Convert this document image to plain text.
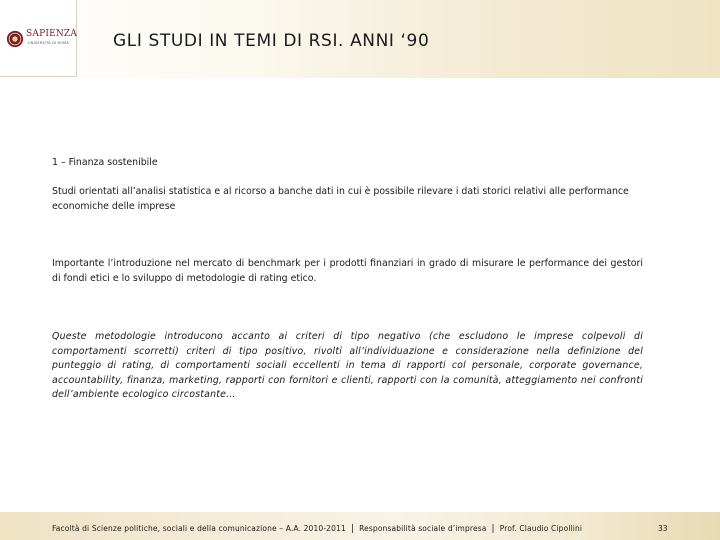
SAPIENZA
UNIVERSITÀ DI ROMA	GLI STUDI IN TEMI DI RSI. ANNI ‘90
1 – Finanza sostenibile
Studi orientati all’analisi statistica e al ricorso a banche dati in cui è possibile rilevare i dati storici relativi alle performance economiche delle imprese
Importante l’introduzione nel mercato di benchmark per i prodotti finanziari in grado di misurare le performance dei gestori di fondi etici e lo sviluppo di metodologie di rating etico.
Queste metodologie introducono accanto ai criteri di tipo negativo (che escludono le imprese colpevoli di comportamenti scorretti) criteri di tipo positivo, rivolti all’individuazione e considerazione nella definizione del punteggio di rating, di comportamenti sociali eccellenti in tema di rapporti col personale, corporate governance, accountability, finanza, marketing, rapporti con fornitori e clienti, rapporti con la comunità, atteggiamento nei confronti dell’ambiente ecologico circostante…
Facoltà di Scienze politiche, sociali e della comunicazione – A.A. 2010-2011 | Responsabilità sociale d’impresa | Prof. Claudio Cipollini	33
